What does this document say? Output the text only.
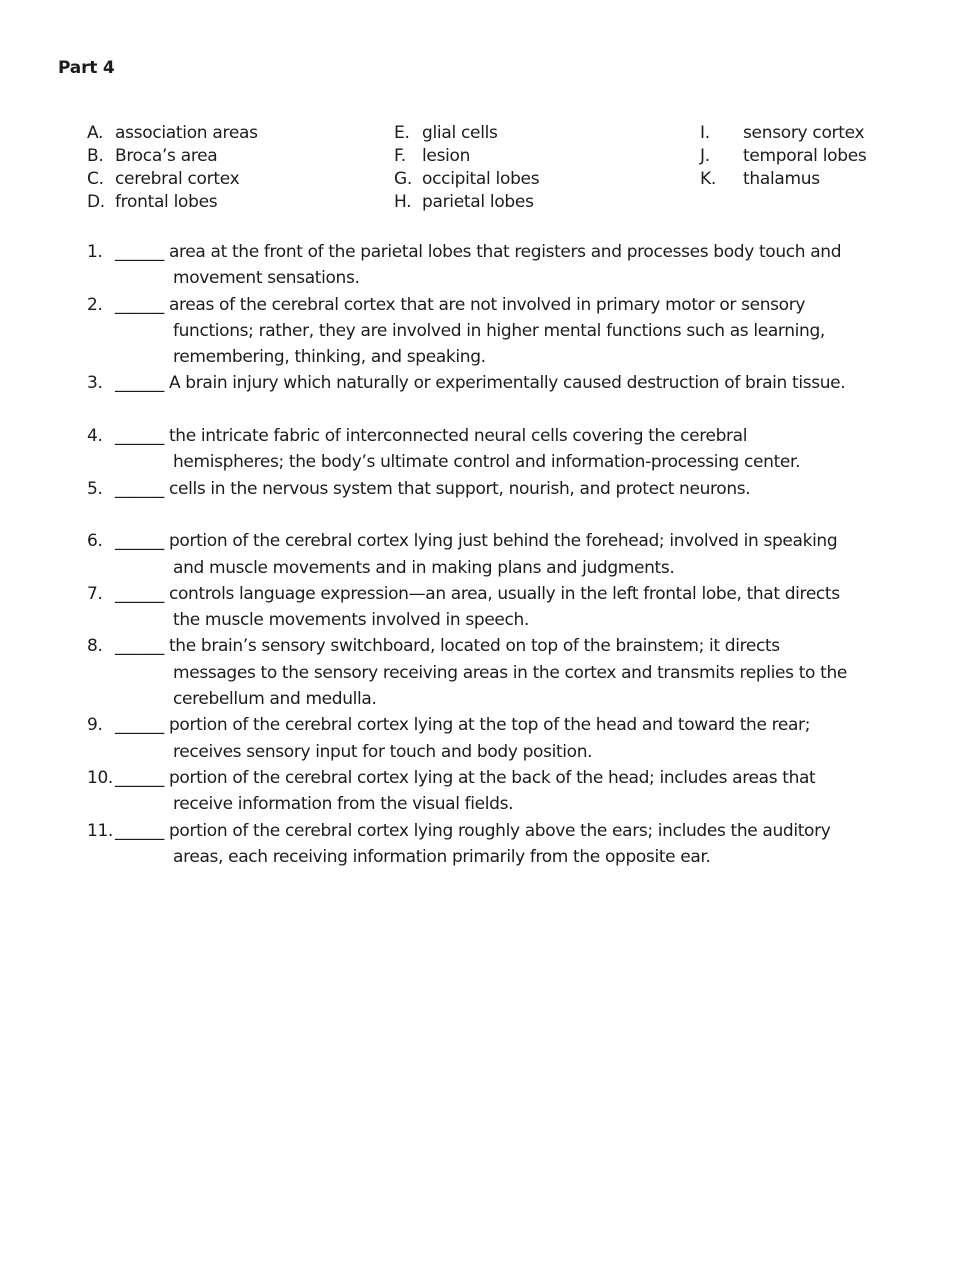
Part 4
A. association areas
B. Broca’s area
C. cerebral cortex
D. frontal lobes
E. glial cells
F. lesion
G. occipital lobes
H. parietal lobes
I.	sensory cortex
J.	temporal lobes
K.	thalamus
1. ______ area at the front of the parietal lobes that registers and processes body touch and
movement sensations.
2. ______ areas of the cerebral cortex that are not involved in primary motor or sensory
functions; rather, they are involved in higher mental functions such as learning,
remembering, thinking, and speaking.
3. ______ A brain injury which naturally or experimentally caused destruction of brain tissue.
4. ______ the intricate fabric of interconnected neural cells covering the cerebral
hemispheres; the body’s ultimate control and information-processing center.
5. ______ cells in the nervous system that support, nourish, and protect neurons.
6. ______ portion of the cerebral cortex lying just behind the forehead; involved in speaking
and muscle movements and in making plans and judgments.
7. ______ controls language expression—an area, usually in the left frontal lobe, that directs
the muscle movements involved in speech.
8. ______ the brain’s sensory switchboard, located on top of the brainstem; it directs
messages to the sensory receiving areas in the cortex and transmits replies to the
cerebellum and medulla.
9. ______ portion of the cerebral cortex lying at the top of the head and toward the rear;
receives sensory input for touch and body position.
10. ______ portion of the cerebral cortex lying at the back of the head; includes areas that
receive information from the visual fields.
11. ______ portion of the cerebral cortex lying roughly above the ears; includes the auditory
areas, each receiving information primarily from the opposite ear.
